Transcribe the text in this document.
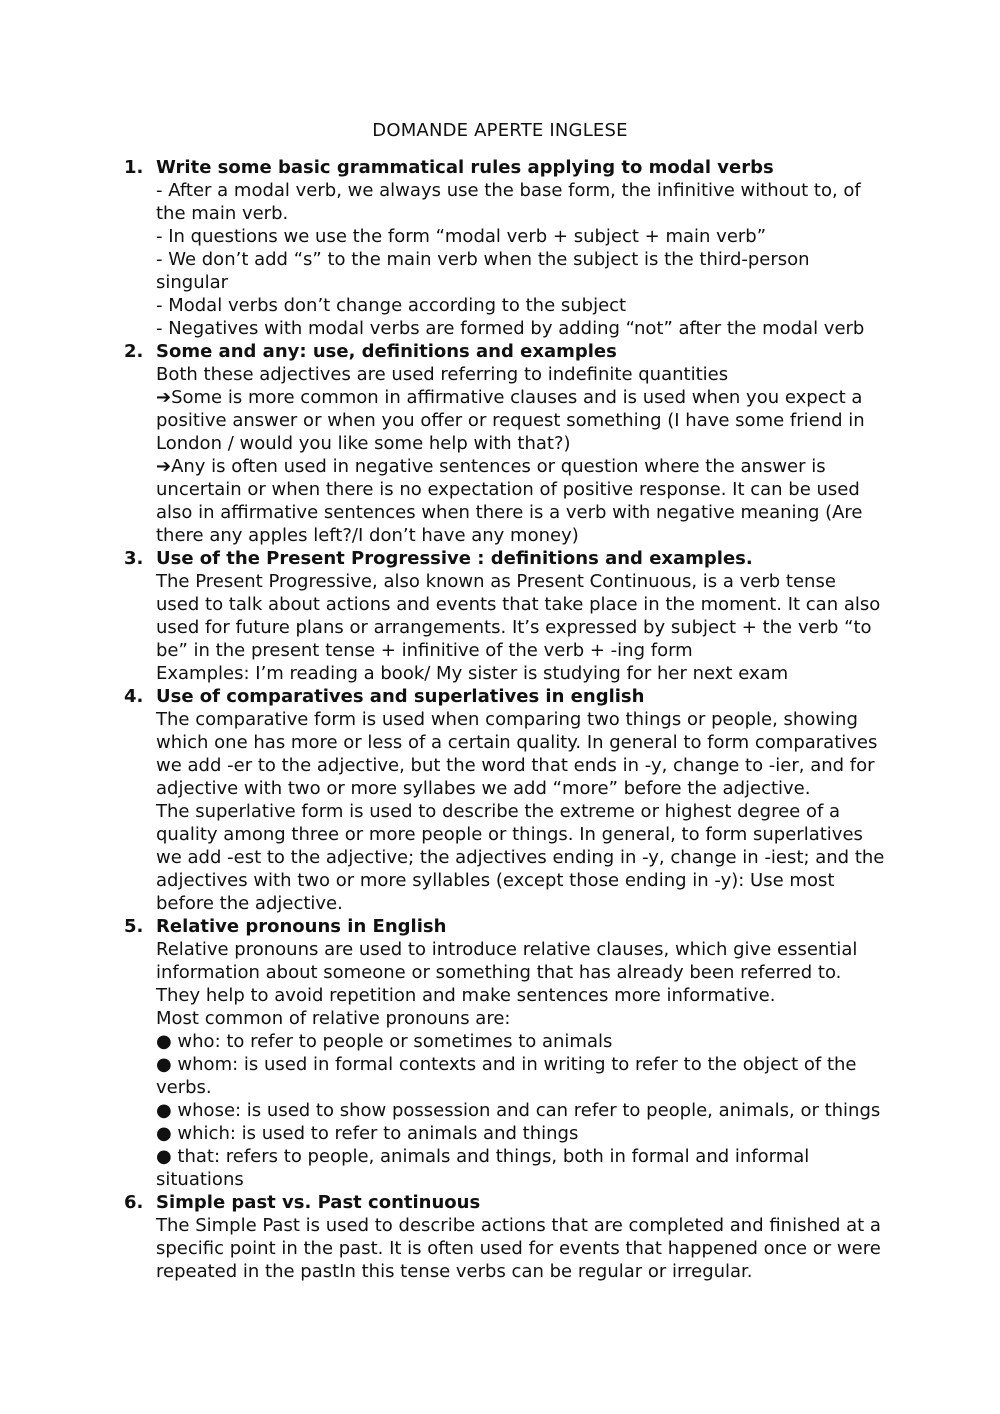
DOMANDE APERTE INGLESE
1. Write some basic grammatical rules applying to modal verbs
- After a modal verb, we always use the base form, the infinitive without to, of
the main verb.
- In questions we use the form “modal verb + subject + main verb”
- We don’t add “s” to the main verb when the subject is the third-person
singular
- Modal verbs don’t change according to the subject
- Negatives with modal verbs are formed by adding “not” after the modal verb
2. Some and any: use, definitions and examples
Both these adjectives are used referring to indefinite quantities
➔Some is more common in affirmative clauses and is used when you expect a
positive answer or when you offer or request something (I have some friend in
London / would you like some help with that?)
➔Any is often used in negative sentences or question where the answer is
uncertain or when there is no expectation of positive response. It can be used
also in affirmative sentences when there is a verb with negative meaning (Are
there any apples left?/I don’t have any money)
3. Use of the Present Progressive : definitions and examples.
The Present Progressive, also known as Present Continuous, is a verb tense
used to talk about actions and events that take place in the moment. It can also
used for future plans or arrangements. It’s expressed by subject + the verb “to
be” in the present tense + infinitive of the verb + -ing form
Examples: I’m reading a book/ My sister is studying for her next exam
4. Use of comparatives and superlatives in english
The comparative form is used when comparing two things or people, showing
which one has more or less of a certain quality. In general to form comparatives
we add -er to the adjective, but the word that ends in -y, change to -ier, and for
adjective with two or more syllabes we add “more” before the adjective.
The superlative form is used to describe the extreme or highest degree of a
quality among three or more people or things. In general, to form superlatives
we add -est to the adjective; the adjectives ending in -y, change in -iest; and the
adjectives with two or more syllables (except those ending in -y): Use most
before the adjective.
5. Relative pronouns in English
Relative pronouns are used to introduce relative clauses, which give essential
information about someone or something that has already been referred to.
They help to avoid repetition and make sentences more informative.
Most common of relative pronouns are:
● who: to refer to people or sometimes to animals
● whom: is used in formal contexts and in writing to refer to the object of the
verbs.
● whose: is used to show possession and can refer to people, animals, or things
● which: is used to refer to animals and things
● that: refers to people, animals and things, both in formal and informal
situations
6. Simple past vs. Past continuous
The Simple Past is used to describe actions that are completed and finished at a
specific point in the past. It is often used for events that happened once or were
repeated in the pastIn this tense verbs can be regular or irregular.
